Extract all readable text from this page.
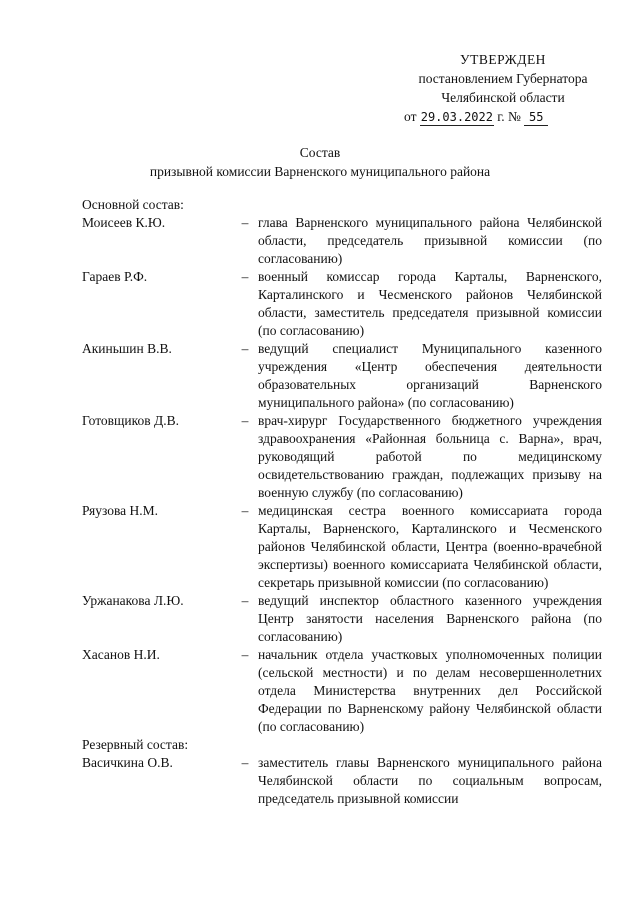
УТВЕРЖДЕН
постановлением Губернатора
Челябинской области
от 29.03.2022 г. № 55
Состав
призывной комиссии Варненского муниципального района
Основной состав:
Моисеев К.Ю.	– глава Варненского муниципального района Челябинской области, председатель призывной комиссии (по согласованию)
Гараев Р.Ф.	– военный комиссар города Карталы, Варненского, Карталинского и Чесменского районов Челябинской области, заместитель председателя призывной комиссии (по согласованию)
Акиньшин В.В.	– ведущий специалист Муниципального казенного учреждения «Центр обеспечения деятельности образовательных организаций Варненского муниципального района» (по согласованию)
Готовщиков Д.В.	– врач-хирург Государственного бюджетного учреждения здравоохранения «Районная больница с. Варна», врач, руководящий работой по медицинскому освидетельствованию граждан, подлежащих призыву на военную службу (по согласованию)
Ряузова Н.М.	– медицинская сестра военного комиссариата города Карталы, Варненского, Карталинского и Чесменского районов Челябинской области, Центра (военно-врачебной экспертизы) военного комиссариата Челябинской области, секретарь призывной комиссии (по согласованию)
Уржанакова Л.Ю.	– ведущий инспектор областного казенного учреждения Центр занятости населения Варненского района (по согласованию)
Хасанов Н.И.	– начальник отдела участковых уполномоченных полиции (сельской местности) и по делам несовершеннолетних отдела Министерства внутренних дел Российской Федерации по Варненскому району Челябинской области (по согласованию)
Резервный состав:
Васичкина О.В.	– заместитель главы Варненского муниципального района Челябинской области по социальным вопросам, председатель призывной комиссии
